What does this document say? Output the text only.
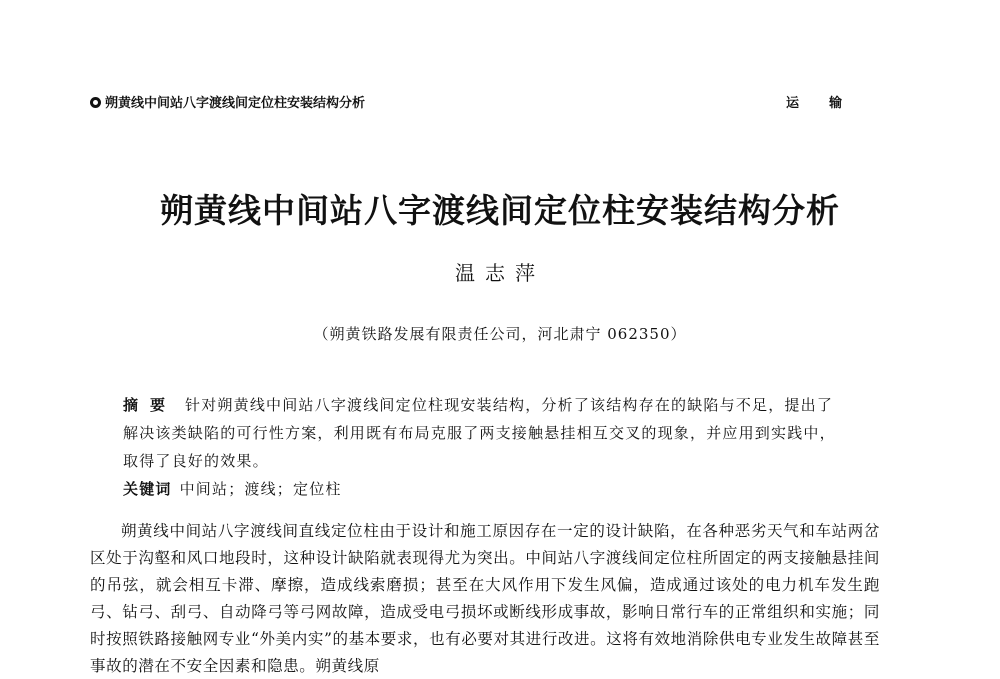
朔黄线中间站八字渡线间定位柱安装结构分析	运输
朔黄线中间站八字渡线间定位柱安装结构分析
温志萍
（朔黄铁路发展有限责任公司，河北肃宁 062350）
摘要 针对朔黄线中间站八字渡线间定位柱现安装结构，分析了该结构存在的缺陷与不足，提出了解决该类缺陷的可行性方案，利用既有布局克服了两支接触悬挂相互交叉的现象，并应用到实践中，取得了良好的效果。
关键词 中间站；渡线；定位柱
朔黄线中间站八字渡线间直线定位柱由于设计和施工原因存在一定的设计缺陷，在各种恶劣天气和车站两岔区处于沟壑和风口地段时，这种设计缺陷就表现得尤为突出。中间站八字渡线间定位柱所固定的两支接触悬挂间的吊弦，就会相互卡滞、摩擦，造成线索磨损；甚至在大风作用下发生风偏，造成通过该处的电力机车发生跑弓、钻弓、刮弓、自动降弓等弓网故障，造成受电弓损坏或断线形成事故，影响日常行车的正常组织和实施；同时按照铁路接触网专业“外美内实”的基本要求，也有必要对其进行改进。这将有效地消除供电专业发生故障甚至事故的潜在不安全因素和隐患。朔黄线原
